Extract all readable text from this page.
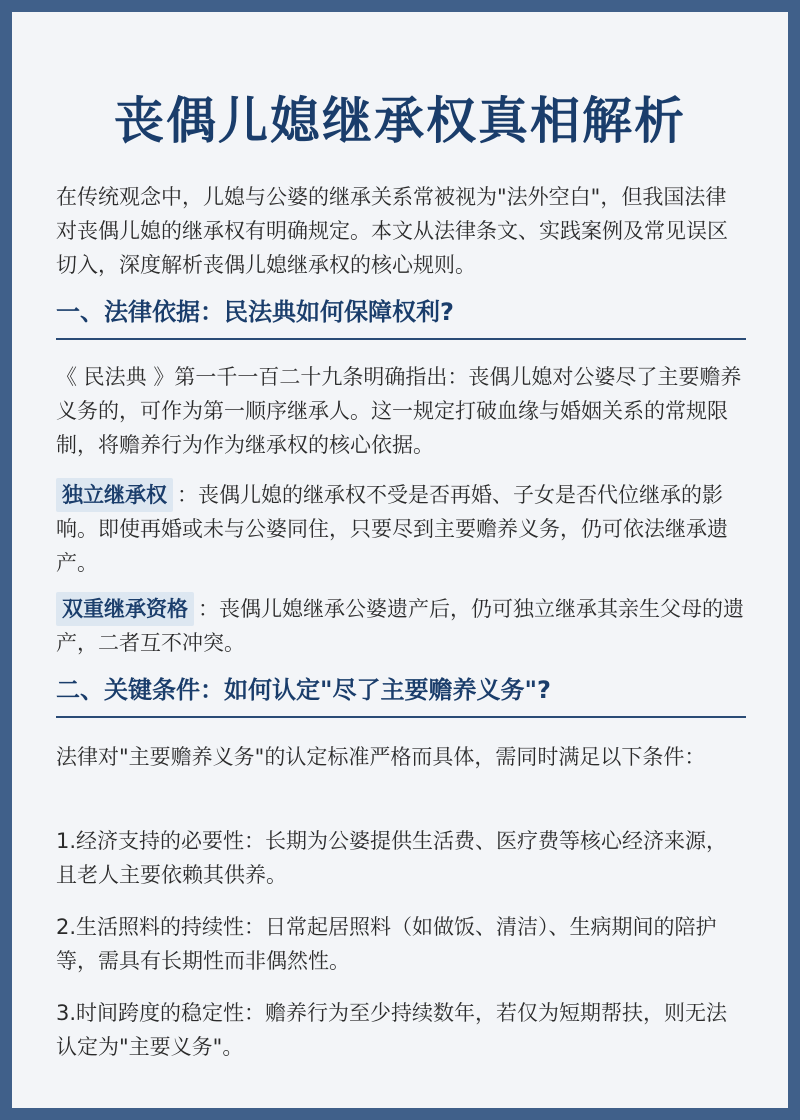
丧偶儿媳继承权真相解析

在传统观念中，儿媳与公婆的继承关系常被视为"法外空白"，但我国法律对丧偶儿媳的继承权有明确规定。本文从法律条文、实践案例及常见误区切入，深度解析丧偶儿媳继承权的核心规则。

一、法律依据：民法典如何保障权利?

《 民法典 》第一千一百二十九条明确指出：丧偶儿媳对公婆尽了主要赡养义务的，可作为第一顺序继承人。这一规定打破血缘与婚姻关系的常规限制，将赡养行为作为继承权的核心依据。

独立继承权 ：丧偶儿媳的继承权不受是否再婚、子女是否代位继承的影响。即使再婚或未与公婆同住，只要尽到主要赡养义务，仍可依法继承遗产。

双重继承资格 ：丧偶儿媳继承公婆遗产后，仍可独立继承其亲生父母的遗产，二者互不冲突。

二、关键条件：如何认定"尽了主要赡养义务"?

法律对"主要赡养义务"的认定标准严格而具体，需同时满足以下条件：

1.经济支持的必要性：长期为公婆提供生活费、医疗费等核心经济来源，且老人主要依赖其供养。

2.生活照料的持续性：日常起居照料（如做饭、清洁）、生病期间的陪护等，需具有长期性而非偶然性。

3.时间跨度的稳定性：赡养行为至少持续数年，若仅为短期帮扶，则无法认定为"主要义务"。
